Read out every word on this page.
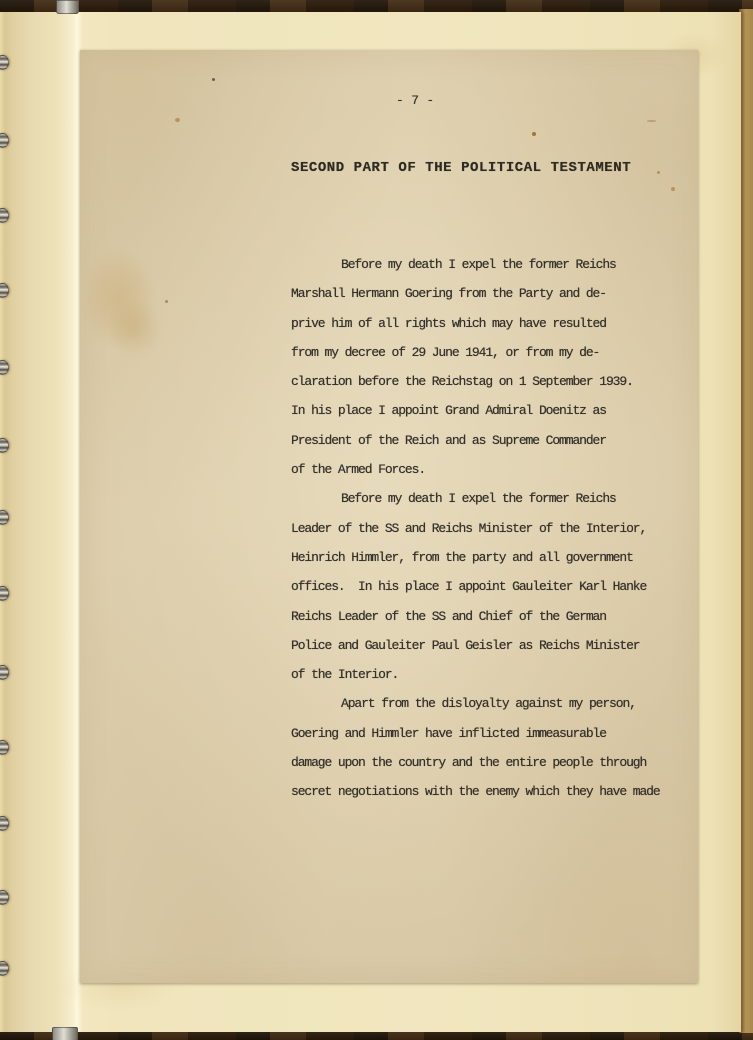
- 7 -
SECOND PART OF THE POLITICAL TESTAMENT
Before my death I expel the former Reichs
Marshall Hermann Goering from the Party and de-
prive him of all rights which may have resulted
from my decree of 29 June 1941, or from my de-
claration before the Reichstag on 1 September 1939.
In his place I appoint Grand Admiral Doenitz as
President of the Reich and as Supreme Commander
of the Armed Forces.
Before my death I expel the former Reichs
Leader of the SS and Reichs Minister of the Interior,
Heinrich Himmler, from the party and all government
offices.  In his place I appoint Gauleiter Karl Hanke
Reichs Leader of the SS and Chief of the German
Police and Gauleiter Paul Geisler as Reichs Minister
of the Interior.
Apart from the disloyalty against my person,
Goering and Himmler have inflicted immeasurable
damage upon the country and the entire people through
secret negotiations with the enemy which they have made
